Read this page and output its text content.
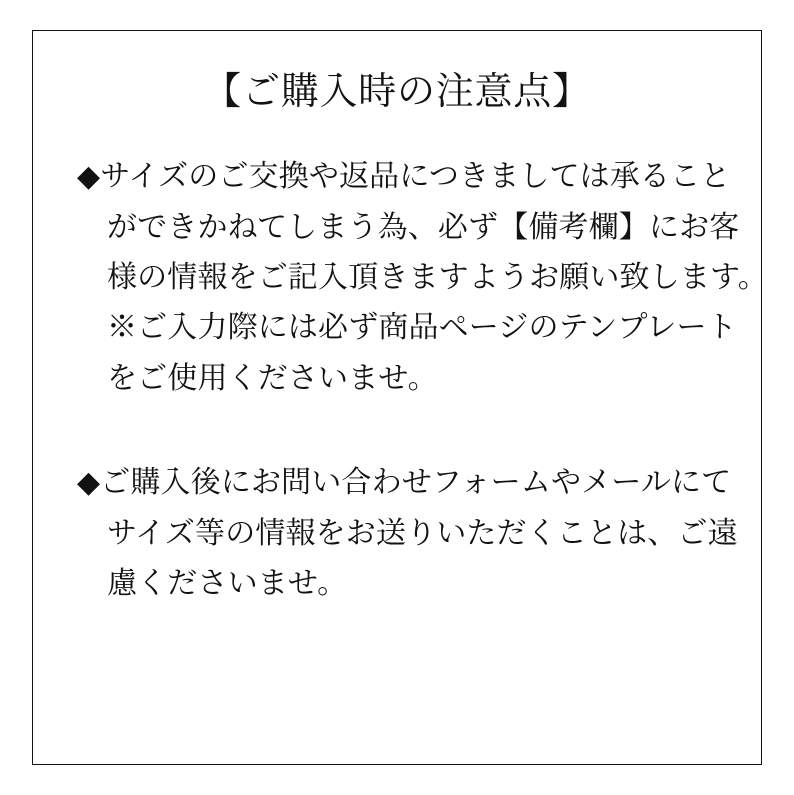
【ご購入時の注意点】
◆サイズのご交換や返品につきましては承ること
ができかねてしまう為、必ず【備考欄】にお客
様の情報をご記入頂きますようお願い致します。
※ご入力際には必ず商品ページのテンプレート
をご使用くださいませ。
◆ご購入後にお問い合わせフォームやメールにて
サイズ等の情報をお送りいただくことは、ご遠
慮くださいませ。
